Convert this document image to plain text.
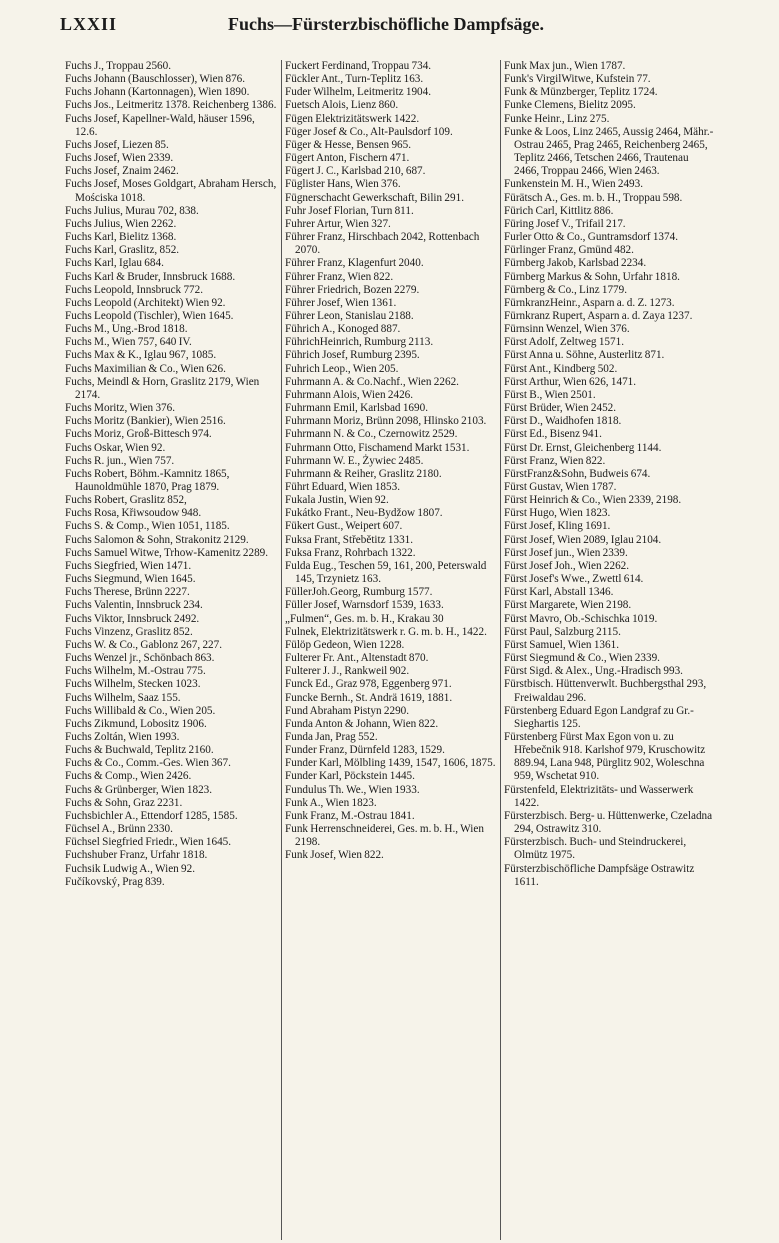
LXXII	Fuchs—Fürsterzbischöfliche Dampfsäge.

Fuchs J., Troppau 2560.

Fuchs Johann (Bauschlosser), Wien 876.

Fuchs Johann (Kartonnagen), Wien 1890.

Fuchs Jos., Leitmeritz 1378. Reichenberg 1386.

Fuchs Josef, Kapellner-Wald, häuser 1596, 12.6.

Fuchs Josef, Liezen 85.

Fuchs Josef, Wien 2339.

Fuchs Josef, Znaim 2462.

Fuchs Josef, Moses Goldgart, Abraham Hersch, Mościska 1018.

Fuchs Julius, Murau 702, 838.

Fuchs Julius, Wien 2262.

Fuchs Karl, Bielitz 1368.

Fuchs Karl, Graslitz, 852.

Fuchs Karl, Iglau 684.

Fuchs Karl & Bruder, Innsbruck 1688.

Fuchs Leopold, Innsbruck 772.

Fuchs Leopold (Architekt) Wien 92.

Fuchs Leopold (Tischler), Wien 1645.

Fuchs M., Ung.-Brod 1818.

Fuchs M., Wien 757, 640 IV.

Fuchs Max & K., Iglau 967, 1085.

Fuchs Maximilian & Co., Wien 626.

Fuchs, Meindl & Horn, Graslitz 2179, Wien 2174.

Fuchs Moritz, Wien 376.

Fuchs Moritz (Bankier), Wien 2516.

Fuchs Moriz, Groß-Bittesch 974.

Fuchs Oskar, Wien 92.

Fuchs R. jun., Wien 757.

Fuchs Robert, Böhm.-Kamnitz 1865, Haunoldmühle 1870, Prag 1879.

Fuchs Robert, Graslitz 852,

Fuchs Rosa, Křiwsoudow 948.

Fuchs S. & Comp., Wien 1051, 1185.

Fuchs Salomon & Sohn, Strakonitz 2129.

Fuchs Samuel Witwe, Trhow-Kamenitz 2289.

Fuchs Siegfried, Wien 1471.

Fuchs Siegmund, Wien 1645.

Fuchs Therese, Brünn 2227.

Fuchs Valentin, Innsbruck 234.

Fuchs Viktor, Innsbruck 2492.

Fuchs Vinzenz, Graslitz 852.

Fuchs W. & Co., Gablonz 267, 227.

Fuchs Wenzel jr., Schönbach 863.

Fuchs Wilhelm, M.-Ostrau 775.

Fuchs Wilhelm, Stecken 1023.

Fuchs Wilhelm, Saaz 155.

Fuchs Willibald & Co., Wien 205.

Fuchs Zikmund, Lobositz 1906.

Fuchs Zoltán, Wien 1993.

Fuchs & Buchwald, Teplitz 2160.

Fuchs & Co., Comm.-Ges. Wien 367.

Fuchs & Comp., Wien 2426.

Fuchs & Grünberger, Wien 1823.

Fuchs & Sohn, Graz 2231.

Fuchsbichler A., Ettendorf 1285, 1585.

Füchsel A., Brünn 2330.

Füchsel Siegfried Friedr., Wien 1645.

Fuchshuber Franz, Urfahr 1818.

Fuchsik Ludwig A., Wien 92.

Fučíkovský, Prag 839.

Fuckert Ferdinand, Troppau 734.

Fückler Ant., Turn-Teplitz 163.

Fuder Wilhelm, Leitmeritz 1904.

Fuetsch Alois, Lienz 860.

Fügen Elektrizitätswerk 1422.

Füger Josef & Co., Alt-Paulsdorf 109.

Füger & Hesse, Bensen 965.

Fügert Anton, Fischern 471.

Fügert J. C., Karlsbad 210, 687.

Füglister Hans, Wien 376.

Fügnerschacht Gewerkschaft, Bilin 291.

Fuhr Josef Florian, Turn 811.

Fuhrer Artur, Wien 327.

Führer Franz, Hirschbach 2042, Rottenbach 2070.

Führer Franz, Klagenfurt 2040.

Führer Franz, Wien 822.

Führer Friedrich, Bozen 2279.

Führer Josef, Wien 1361.

Führer Leon, Stanislau 2188.

Führich A., Konoged 887.

FührichHeinrich, Rumburg 2113.

Führich Josef, Rumburg 2395.

Fuhrich Leop., Wien 205.

Fuhrmann A. & Co.Nachf., Wien 2262.

Fuhrmann Alois, Wien 2426.

Fuhrmann Emil, Karlsbad 1690.

Fuhrmann Moriz, Brünn 2098, Hlinsko 2103.

Fuhrmann N. & Co., Czernowitz 2529.

Fuhrmann Otto, Fischamend Markt 1531.

Fuhrmann W. E., Żywiec 2485.

Fuhrmann & Reiher, Graslitz 2180.

Führt Eduard, Wien 1853.

Fukala Justin, Wien 92.

Fukátko Frant., Neu-Bydžow 1807.

Fükert Gust., Weipert 607.

Fuksa Frant, Střebětitz 1331.

Fuksa Franz, Rohrbach 1322.

Fulda Eug., Teschen 59, 161, 200, Peterswald 145, Trzynietz 163.

FüllerJoh.Georg, Rumburg 1577.

Füller Josef, Warnsdorf 1539, 1633.

„Fulmen“, Ges. m. b. H., Krakau 30

Fulnek, Elektrizitätswerk r. G. m. b. H., 1422.

Fülöp Gedeon, Wien 1228.

Fulterer Fr. Ant., Altenstadt 870.

Fulterer J. J., Rankweil 902.

Funck Ed., Graz 978, Eggenberg 971.

Funcke Bernh., St. Andrä 1619, 1881.

Fund Abraham Pistyn 2290.

Funda Anton & Johann, Wien 822.

Funda Jan, Prag 552.

Funder Franz, Dürnfeld 1283, 1529.

Funder Karl, Mölbling 1439, 1547, 1606, 1875.

Funder Karl, Pöckstein 1445.

Fundulus Th. We., Wien 1933.

Funk A., Wien 1823.

Funk Franz, M.-Ostrau 1841.

Funk Herrenschneiderei, Ges. m. b. H., Wien 2198.

Funk Josef, Wien 822.

Funk Max jun., Wien 1787.

Funk's VirgilWitwe, Kufstein 77.

Funk & Münzberger, Teplitz 1724.

Funke Clemens, Bielitz 2095.

Funke Heinr., Linz 275.

Funke & Loos, Linz 2465, Aussig 2464, Mähr.-Ostrau 2465, Prag 2465, Reichenberg 2465, Teplitz 2466, Tetschen 2466, Trautenau 2466, Troppau 2466, Wien 2463.

Funkenstein M. H., Wien 2493.

Fürätsch A., Ges. m. b. H., Troppau 598.

Fürich Carl, Kittlitz 886.

Füring Josef V., Trifail 217.

Furler Otto & Co., Guntramsdorf 1374.

Fürlinger Franz, Gmünd 482.

Fürnberg Jakob, Karlsbad 2234.

Fürnberg Markus & Sohn, Urfahr 1818.

Fürnberg & Co., Linz 1779.

FürnkranzHeinr., Asparn a. d. Z. 1273.

Fürnkranz Rupert, Asparn a. d. Zaya 1237.

Fürnsinn Wenzel, Wien 376.

Fürst Adolf, Zeltweg 1571.

Fürst Anna u. Söhne, Austerlitz 871.

Fürst Ant., Kindberg 502.

Fürst Arthur, Wien 626, 1471.

Fürst B., Wien 2501.

Fürst Brüder, Wien 2452.

Fürst D., Waidhofen 1818.

Fürst Ed., Bisenz 941.

Fürst Dr. Ernst, Gleichenberg 1144.

Fürst Franz, Wien 822.

FürstFranz&Sohn, Budweis 674.

Fürst Gustav, Wien 1787.

Fürst Heinrich & Co., Wien 2339, 2198.

Fürst Hugo, Wien 1823.

Fürst Josef, Kling 1691.

Fürst Josef, Wien 2089, Iglau 2104.

Fürst Josef jun., Wien 2339.

Fürst Josef Joh., Wien 2262.

Fürst Josef's Wwe., Zwettl 614.

Fürst Karl, Abstall 1346.

Fürst Margarete, Wien 2198.

Fürst Mavro, Ob.-Schischka 1019.

Fürst Paul, Salzburg 2115.

Fürst Samuel, Wien 1361.

Fürst Siegmund & Co., Wien 2339.

Fürst Sigd. & Alex., Ung.-Hradisch 993.

Fürstbisch. Hüttenverwlt. Buchbergsthal 293, Freiwaldau 296.

Fürstenberg Eduard Egon Landgraf zu Gr.-Sieghartis 125.

Fürstenberg Fürst Max Egon von u. zu Hřebečnik 918. Karlshof 979, Kruschowitz 889.94, Lana 948, Pürglitz 902, Woleschna 959, Wschetat 910.

Fürstenfeld, Elektrizitäts- und Wasserwerk 1422.

Fürsterzbisch. Berg- u. Hüttenwerke, Czeladna 294, Ostrawitz 310.

Fürsterzbisch. Buch- und Steindruckerei, Olmütz 1975.

Fürsterzbischöfliche Dampfsäge Ostrawitz 1611.
